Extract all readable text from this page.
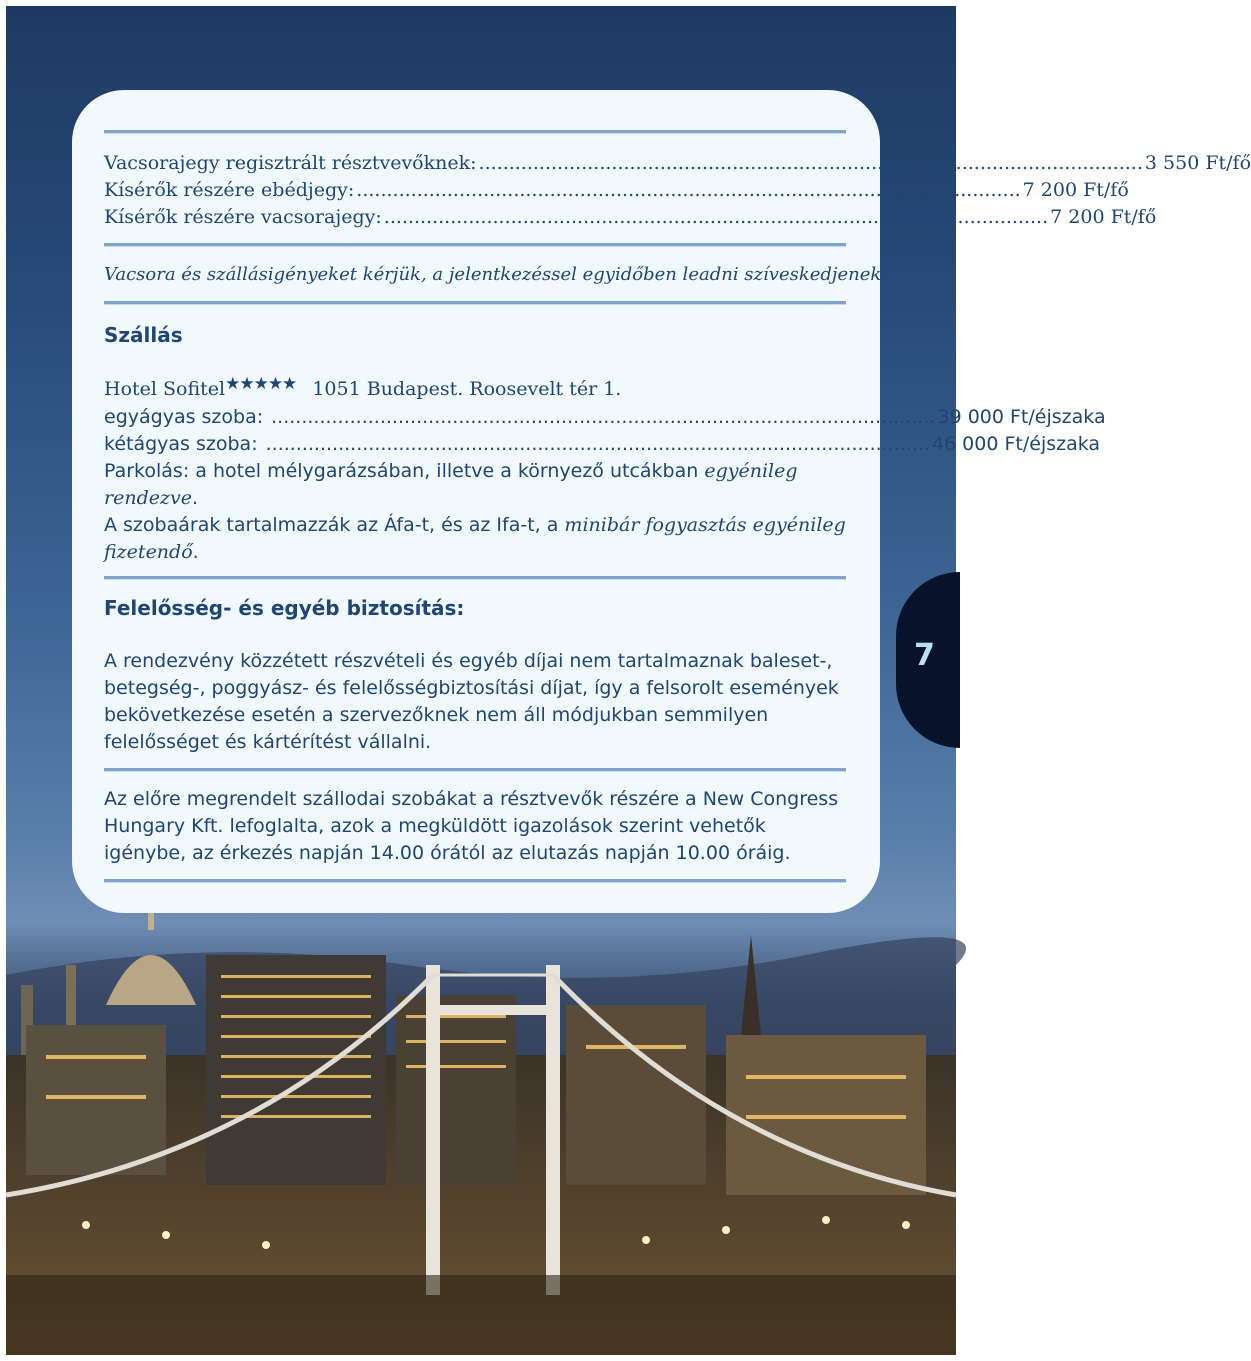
7
Vacsorajegy regisztrált résztvevőknek: .............................................................................................................. 3 550 Ft/fő
Kísérők részére ebédjegy: .............................................................................................................. 7 200 Ft/fő
Kísérők részére vacsorajegy: .............................................................................................................. 7 200 Ft/fő
Vacsora és szállásigényeket kérjük, a jelentkezéssel egyidőben leadni szíveskedjenek.
Szállás
Hotel Sofitel★★★★★ 1051 Budapest. Roosevelt tér 1.
egyágyas szoba: .............................................................................................................. 39 000 Ft/éjszaka
kétágyas szoba: .............................................................................................................. 46 000 Ft/éjszaka
Parkolás: a hotel mélygarázsában, illetve a környező utcákban egyénileg rendezve.
A szobaárak tartalmazzák az Áfa-t, és az Ifa-t, a minibár fogyasztás egyénileg fizetendő.
Felelősség- és egyéb biztosítás:
A rendezvény közzétett részvételi és egyéb díjai nem tartalmaznak baleset-, betegség-, poggyász- és felelősségbiztosítási díjat, így a felsorolt események bekövetkezése esetén a szervezőknek nem áll módjukban semmilyen felelősséget és kártérítést vállalni.
Az előre megrendelt szállodai szobákat a résztvevők részére a New Congress Hungary Kft. lefoglalta, azok a megküldött igazolások szerint vehetők igénybe, az érkezés napján 14.00 órától az elutazás napján 10.00 óráig.
